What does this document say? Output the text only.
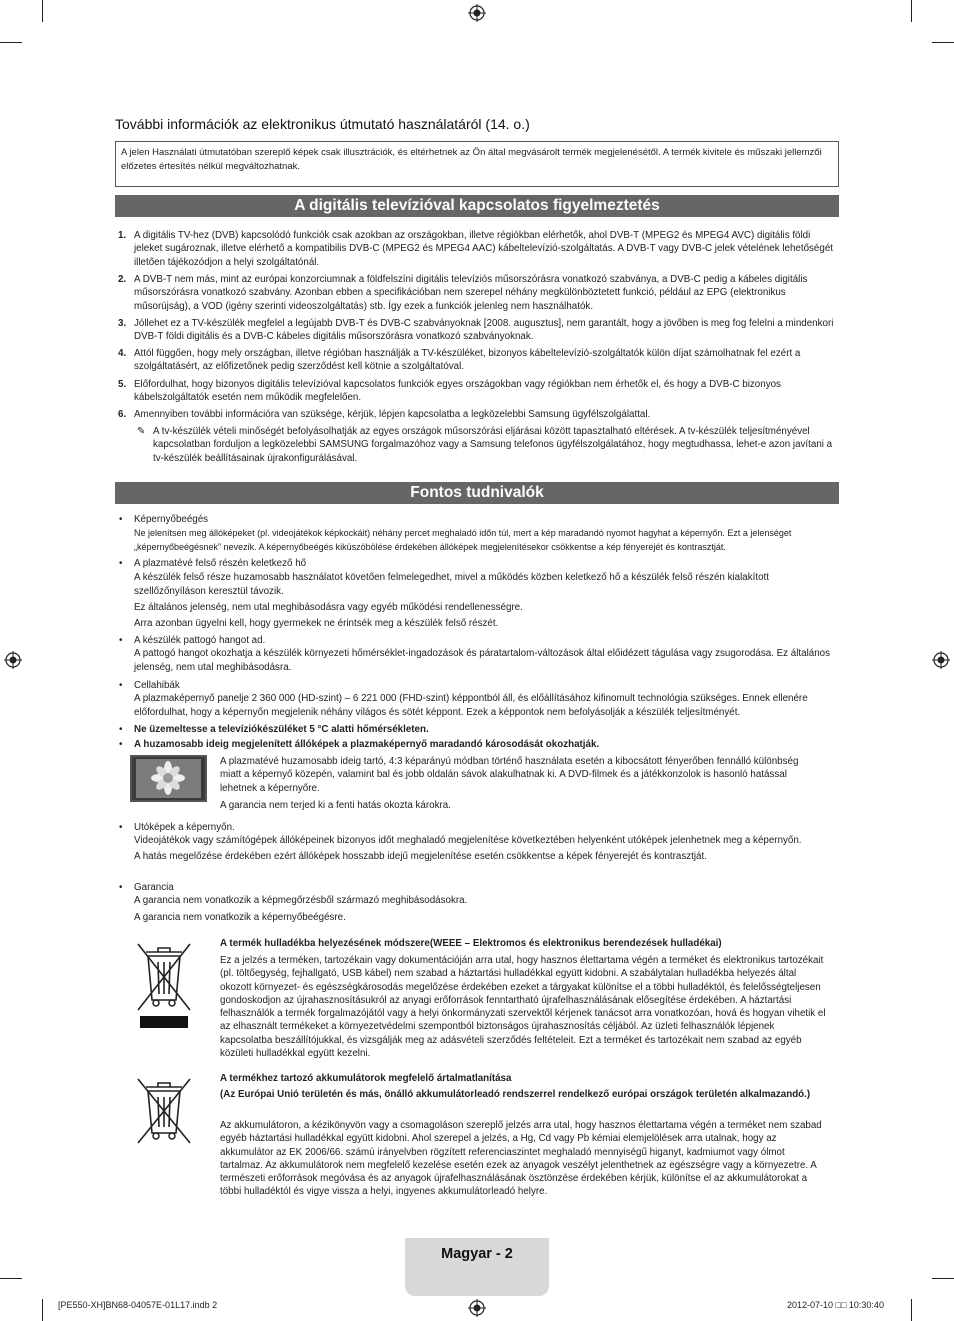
További információk az elektronikus útmutató használatáról (14. o.)
A jelen Használati útmutatóban szereplő képek csak illusztrációk, és eltérhetnek az Ön által megvásárolt termék megjelenésétől. A termék kivitele és műszaki jellemzői előzetes értesítés nélkül megváltozhatnak.
A digitális televízióval kapcsolatos figyelmeztetés
1. A digitális TV-hez (DVB) kapcsolódó funkciók csak azokban az országokban, illetve régiókban elérhetők, ahol DVB-T (MPEG2 és MPEG4 AVC) digitális földi jeleket sugároznak, illetve elérhető a kompatibilis DVB-C (MPEG2 és MPEG4 AAC) kábeltelevízió-szolgáltatás. A DVB-T vagy DVB-C jelek vételének lehetőségét illetően tájékozódjon a helyi szolgáltatónál.
2. A DVB-T nem más, mint az európai konzorciumnak a földfelszíni digitális televíziós műsorszórásra vonatkozó szabványa, a DVB-C pedig a kábeles digitális műsorszórásra vonatkozó szabvány. Azonban ebben a specifikációban nem szerepel néhány megkülönböztetett funkció, például az EPG (elektronikus műsorújság), a VOD (igény szerinti videoszolgáltatás) stb. Így ezek a funkciók jelenleg nem használhatók.
3. Jóllehet ez a TV-készülék megfelel a legújabb DVB-T és DVB-C szabványoknak [2008. augusztus], nem garantált, hogy a jövőben is meg fog felelni a mindenkori DVB-T földi digitális és a DVB-C kábeles digitális műsorszórásra vonatkozó szabványoknak.
4. Attól függően, hogy mely országban, illetve régióban használják a TV-készüléket, bizonyos kábeltelevízió-szolgáltatók külön díjat számolhatnak fel ezért a szolgáltatásért, az előfizetőnek pedig szerződést kell kötnie a szolgáltatóval.
5. Előfordulhat, hogy bizonyos digitális televízióval kapcsolatos funkciók egyes országokban vagy régiókban nem érhetők el, és hogy a DVB-C bizonyos kábelszolgáltatók esetén nem működik megfelelően.
6. Amennyiben további információra van szüksége, kérjük, lépjen kapcsolatba a legközelebbi Samsung ügyfélszolgálattal.
✎ A tv-készülék vételi minőségét befolyásolhatják az egyes országok műsorszórási eljárásai között tapasztalható eltérések. A tv-készülék teljesítményével kapcsolatban forduljon a legközelebbi SAMSUNG forgalmazóhoz vagy a Samsung telefonos ügyfélszolgálatához, hogy megtudhassa, lehet-e azon javítani a tv-készülék beállításainak újrakonfigurálásával.
Fontos tudnivalók
• Képernyőbeégés
Ne jelenítsen meg állóképeket (pl. videojátékok képkockáit) néhány percet meghaladó időn túl, mert a kép maradandó nyomot hagyhat a képernyőn. Ezt a jelenséget „képernyőbeégésnek” nevezik. A képernyőbeégés kiküszöbölése érdekében állóképek megjelenítésekor csökkentse a kép fényerejét és kontrasztját.
• A plazmatévé felső részén keletkező hő
A készülék felső része huzamosabb használatot követően felmelegedhet, mivel a működés közben keletkező hő a készülék felső részén kialakított szellőzőnyíláson keresztül távozik.
Ez általános jelenség, nem utal meghibásodásra vagy egyéb működési rendellenességre.
Arra azonban ügyelni kell, hogy gyermekek ne érintsék meg a készülék felső részét.
• A készülék pattogó hangot ad.
A pattogó hangot okozhatja a készülék környezeti hőmérséklet-ingadozások és páratartalom-változások által előidézett tágulása vagy zsugorodása. Ez általános jelenség, nem utal meghibásodásra.
• Cellahibák
A plazmaképernyő panelje 2 360 000 (HD-szint) – 6 221 000 (FHD-szint) képpontból áll, és előállításához kifinomult technológia szükséges. Ennek ellenére előfordulhat, hogy a képernyőn megjelenik néhány világos és sötét képpont. Ezek a képpontok nem befolyásolják a készülék teljesítményét.
• Ne üzemeltesse a televíziókészüléket 5 °C alatti hőmérsékleten.
• A huzamosabb ideig megjelenített állóképek a plazmaképernyő maradandó károsodását okozhatják.
A plazmatévé huzamosabb ideig tartó, 4:3 képarányú módban történő használata esetén a kibocsátott fényerőben fennálló különbség miatt a képernyő közepén, valamint bal és jobb oldalán sávok alakulhatnak ki. A DVD-filmek és a játékkonzolok is hasonló hatással lehetnek a képernyőre.
A garancia nem terjed ki a fenti hatás okozta károkra.
• Utóképek a képernyőn.
Videojátékok vagy számítógépek állóképeinek bizonyos időt meghaladó megjelenítése következtében helyenként utóképek jelenhetnek meg a képernyőn.
A hatás megelőzése érdekében ezért állóképek hosszabb idejű megjelenítése esetén csökkentse a képek fényerejét és kontrasztját.
• Garancia
A garancia nem vonatkozik a képmegőrzésből származó meghibásodásokra.
A garancia nem vonatkozik a képernyőbeégésre.
A termék hulladékba helyezésének módszere(WEEE – Elektromos és elektronikus berendezések hulladékai)
Ez a jelzés a terméken, tartozékain vagy dokumentációján arra utal, hogy hasznos élettartama végén a terméket és elektronikus tartozékait (pl. töltőegység, fejhallgató, USB kábel) nem szabad a háztartási hulladékkal együtt kidobni. A szabálytalan hulladékba helyezés által okozott környezet- és egészségkárosodás megelőzése érdekében ezeket a tárgyakat különítse el a többi hulladéktól, és felelősségteljesen gondoskodjon az újrahasznosításukról az anyagi erőforrások fenntartható újrafelhasználásának elősegítése érdekében. A háztartási felhasználók a termék forgalmazójától vagy a helyi önkormányzati szervektől kérjenek tanácsot arra vonatkozóan, hová és hogyan vihetik el az elhasznált termékeket a környezetvédelmi szempontból biztonságos újrahasznosítás céljából. Az üzleti felhasználók lépjenek kapcsolatba beszállítójukkal, és vizsgálják meg az adásvételi szerződés feltételeit. Ezt a terméket és tartozékait nem szabad az egyéb közületi hulladékkal együtt kezelni.
A termékhez tartozó akkumulátorok megfelelő ártalmatlanítása
(Az Európai Unió területén és más, önálló akkumulátorleadó rendszerrel rendelkező európai országok területén alkalmazandó.)
Az akkumulátoron, a kézikönyvön vagy a csomagoláson szereplő jelzés arra utal, hogy hasznos élettartama végén a terméket nem szabad egyéb háztartási hulladékkal együtt kidobni. Ahol szerepel a jelzés, a Hg, Cd vagy Pb kémiai elemjelölések arra utalnak, hogy az akkumulátor az EK 2006/66. számú irányelvben rögzített referenciaszintet meghaladó mennyiségű higanyt, kadmiumot vagy ólmot tartalmaz. Az akkumulátorok nem megfelelő kezelése esetén ezek az anyagok veszélyt jelenthetnek az egészségre vagy a környezetre. A természeti erőforrások megóvása és az anyagok újrafelhasználásának ösztönzése érdekében kérjük, különítse el az akkumulátorokat a többi hulladéktól és vigye vissza a helyi, ingyenes akkumulátorleadó helyre.
Magyar - 2
[PE550-XH]BN68-04057E-01L17.indb 2	2012-07-10 □□ 10:30:40
